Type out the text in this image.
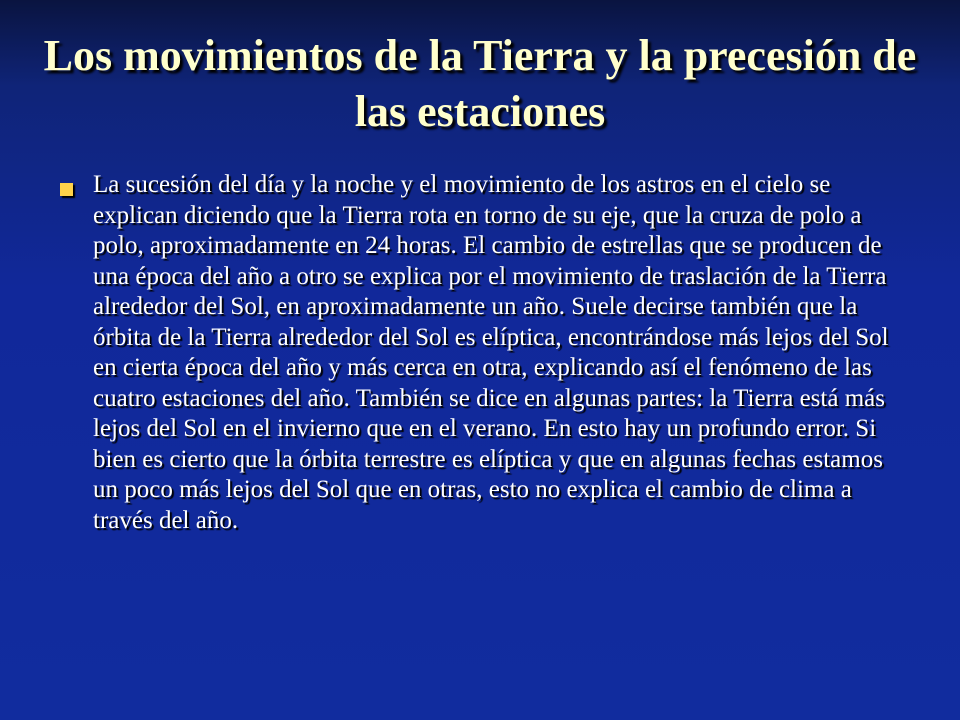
Los movimientos de la Tierra y la precesión de las estaciones

La sucesión del día y la noche y el movimiento de los astros en el cielo se explican diciendo que la Tierra rota en torno de su eje, que la cruza de polo a polo, aproximadamente en 24 horas. El cambio de estrellas que se producen de una época del año a otro se explica por el movimiento de traslación de la Tierra alrededor del Sol, en aproximadamente un año. Suele decirse también que la órbita de la Tierra alrededor del Sol es elíptica, encontrándose más lejos del Sol en cierta época del año y más cerca en otra, explicando así el fenómeno de las cuatro estaciones del año. También se dice en algunas partes: la Tierra está más lejos del Sol en el invierno que en el verano. En esto hay un profundo error. Si bien es cierto que la órbita terrestre es elíptica y que en algunas fechas estamos un poco más lejos del Sol que en otras, esto no explica el cambio de clima a través del año.
